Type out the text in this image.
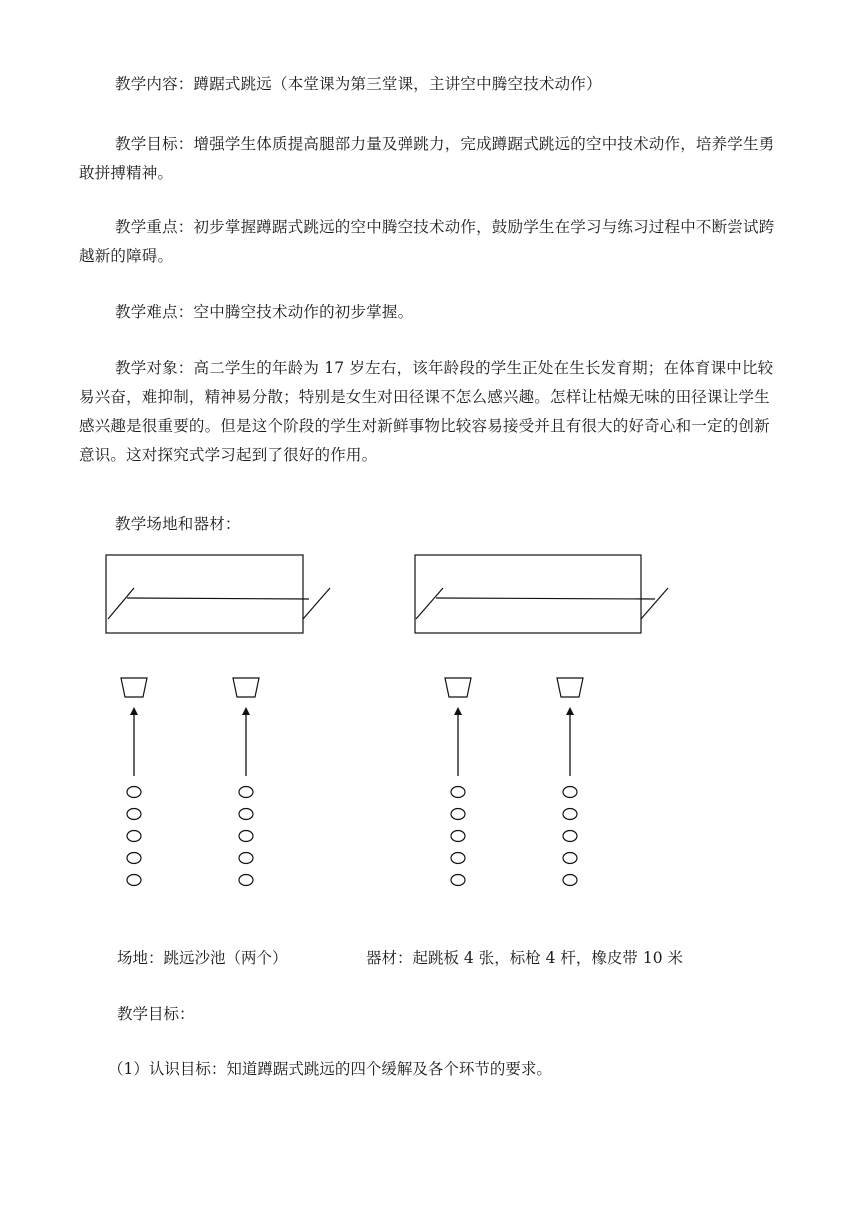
教学内容：蹲踞式跳远（本堂课为第三堂课，主讲空中腾空技术动作）

教学目标：增强学生体质提高腿部力量及弹跳力，完成蹲踞式跳远的空中技术动作，培养学生勇敢拼搏精神。

教学重点：初步掌握蹲踞式跳远的空中腾空技术动作，鼓励学生在学习与练习过程中不断尝试跨越新的障碍。

教学难点：空中腾空技术动作的初步掌握。

教学对象：高二学生的年龄为 17 岁左右，该年龄段的学生正处在生长发育期；在体育课中比较易兴奋，难抑制，精神易分散；特别是女生对田径课不怎么感兴趣。怎样让枯燥无味的田径课让学生感兴趣是很重要的。但是这个阶段的学生对新鲜事物比较容易接受并且有很大的好奇心和一定的创新意识。这对探究式学习起到了很好的作用。

教学场地和器材：

场地：跳远沙池（两个）	器材：起跳板 4 张，标枪 4 杆，橡皮带 10 米
教学目标：
（1）认识目标：知道蹲踞式跳远的四个缓解及各个环节的要求。
